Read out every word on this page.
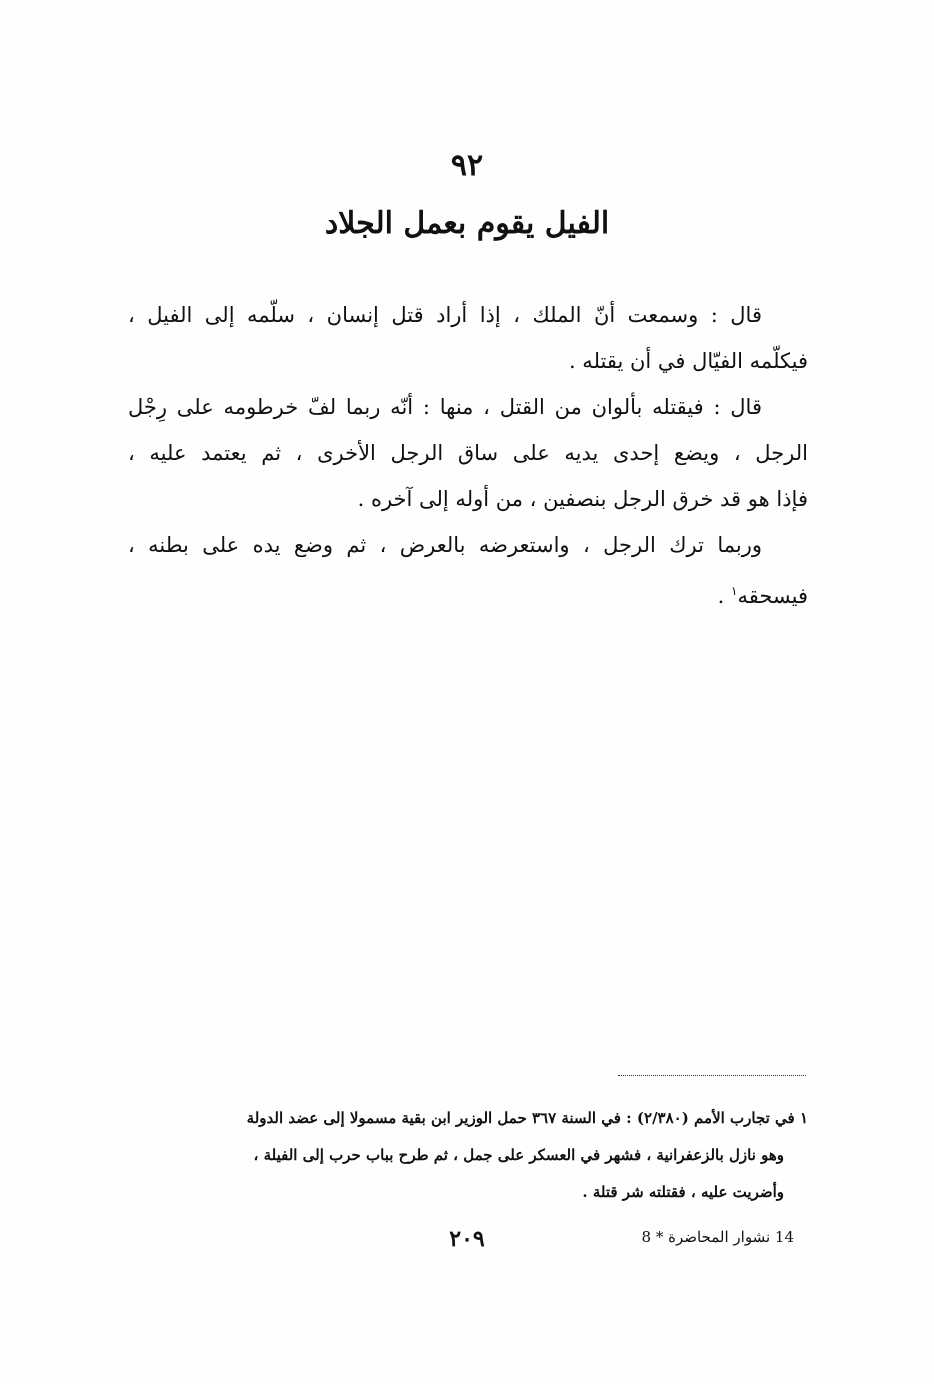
٩٢
الفيل يقوم بعمل الجلاد
قال : وسمعت أنّ الملك ، إذا أراد قتل إنسان ، سلّمه إلى الفيل ،
فيكلّمه الفيّال في أن يقتله .
قال : فيقتله بألوان من القتل ، منها : أنّه ربما لفّ خرطومه على رِجْل
الرجل ، ويضع إحدى يديه على ساق الرجل الأخرى ، ثم يعتمد عليه ،
فإذا هو قد خرق الرجل بنصفين ، من أوله إلى آخره .
وربما ترك الرجل ، واستعرضه بالعرض ، ثم وضع يده على بطنه ،
فيسحقه$^١$ .
١ في تجارب الأمم (٢/٣٨٠) : في السنة ٣٦٧ حمل الوزير ابن بقية مسمولا إلى عضد الدولة
وهو نازل بالزعفرانية ، فشهر في العسكر على جمل ، ثم طرح بباب حرب إلى الفيلة ،
وأضريت عليه ، فقتلته شر قتلة .
٢٠٩	14 نشوار المحاضرة * 8
